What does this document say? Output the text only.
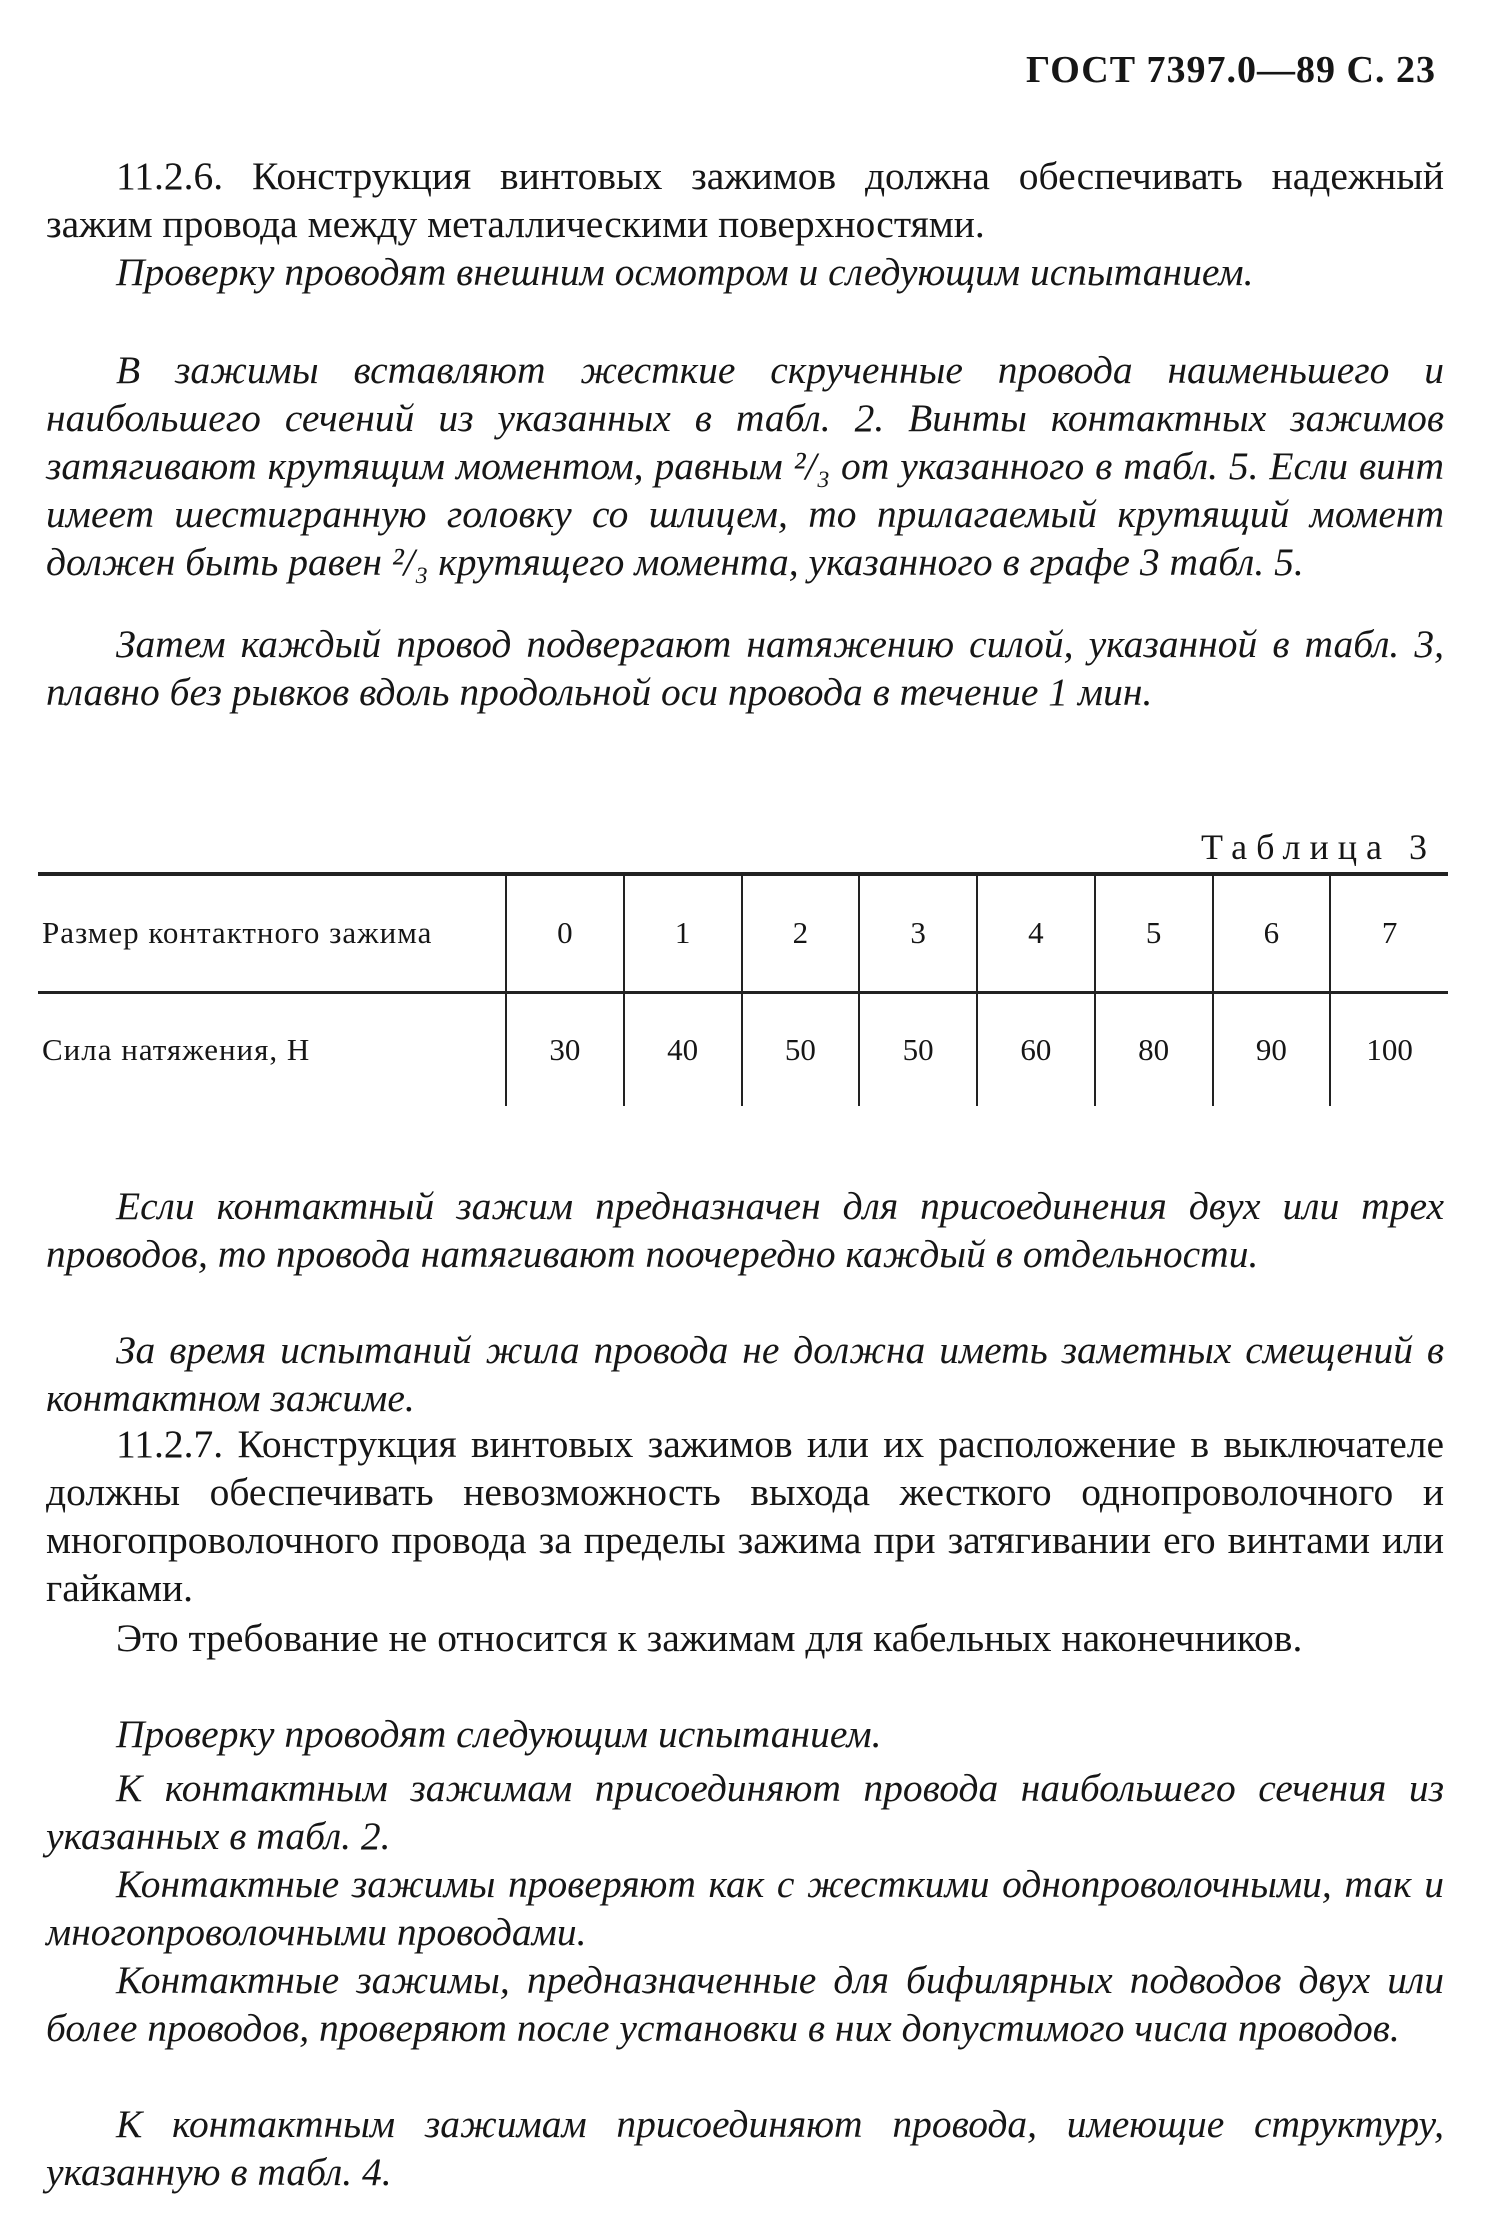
ГОСТ 7397.0—89 С. 23

11.2.6. Конструкция винтовых зажимов должна обеспечивать надежный зажим провода между металлическими поверхностями.

Проверку проводят внешним осмотром и следующим испытанием.

В зажимы вставляют жесткие скрученные провода наименьшего и наибольшего сечений из указанных в табл. 2. Винты контактных зажимов затягивают крутящим моментом, равным ²/₃ от указанного в табл. 5. Если винт имеет шестигранную головку со шлицем, то прилагаемый крутящий момент должен быть равен ²/₃ крутящего момента, указанного в графе 3 табл. 5.

Затем каждый провод подвергают натяжению силой, указанной в табл. 3, плавно без рывков вдоль продольной оси провода в течение 1 мин.

Таблица 3
Размер контактного зажима	0	1	2	3	4	5	6	7
Сила натяжения, Н	30	40	50	50	60	80	90	100

Если контактный зажим предназначен для присоединения двух или трех проводов, то провода натягивают поочередно каждый в отдельности.

За время испытаний жила провода не должна иметь заметных смещений в контактном зажиме.

11.2.7. Конструкция винтовых зажимов или их расположение в выключателе должны обеспечивать невозможность выхода жесткого однопроволочного и многопроволочного провода за пределы зажима при затягивании его винтами или гайками.

Это требование не относится к зажимам для кабельных наконечников.

Проверку проводят следующим испытанием.

К контактным зажимам присоединяют провода наибольшего сечения из указанных в табл. 2.

Контактные зажимы проверяют как с жесткими однопроволочными, так и многопроволочными проводами.

Контактные зажимы, предназначенные для бифилярных подводов двух или более проводов, проверяют после установки в них допустимого числа проводов.

К контактным зажимам присоединяют провода, имеющие структуру, указанную в табл. 4.
